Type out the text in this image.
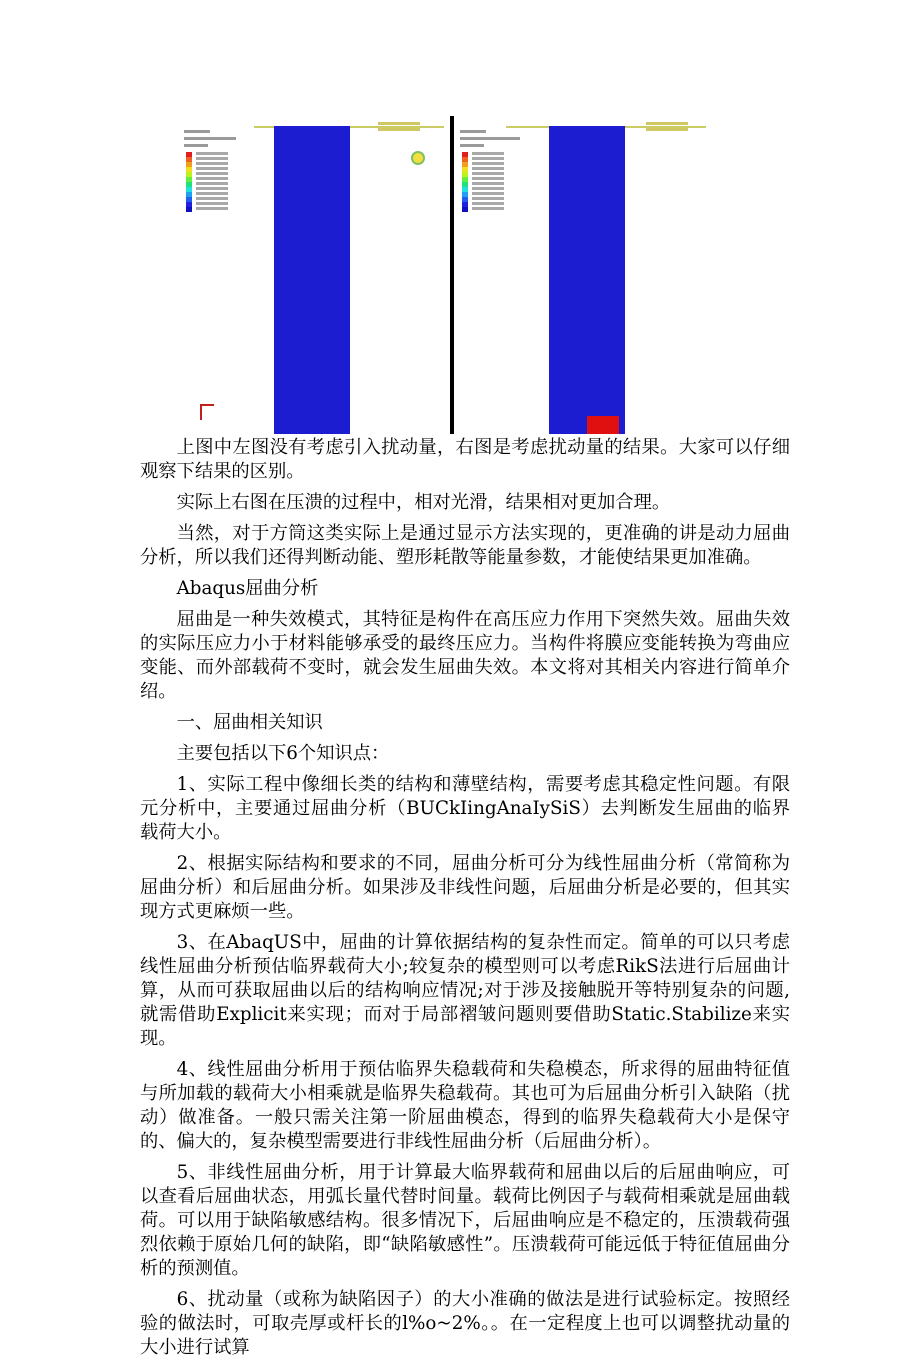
上图中左图没有考虑引入扰动量，右图是考虑扰动量的结果。大家可以仔细观察下结果的区别。

实际上右图在压溃的过程中，相对光滑，结果相对更加合理。

当然，对于方筒这类实际上是通过显示方法实现的，更准确的讲是动力屈曲分析，所以我们还得判断动能、塑形耗散等能量参数，才能使结果更加准确。

Abaqus屈曲分析

屈曲是一种失效模式，其特征是构件在高压应力作用下突然失效。屈曲失效的实际压应力小于材料能够承受的最终压应力。当构件将膜应变能转换为弯曲应变能、而外部载荷不变时，就会发生屈曲失效。本文将对其相关内容进行简单介绍。

一、屈曲相关知识

主要包括以下6个知识点：

1、实际工程中像细长类的结构和薄壁结构，需要考虑其稳定性问题。有限元分析中，主要通过屈曲分析（BUCkIingAnaIySiS）去判断发生屈曲的临界载荷大小。

2、根据实际结构和要求的不同，屈曲分析可分为线性屈曲分析（常简称为屈曲分析）和后屈曲分析。如果涉及非线性问题，后屈曲分析是必要的，但其实现方式更麻烦一些。

3、在AbaqUS中，屈曲的计算依据结构的复杂性而定。简单的可以只考虑线性屈曲分析预估临界载荷大小;较复杂的模型则可以考虑RikS法进行后屈曲计算，从而可获取屈曲以后的结构响应情况;对于涉及接触脱开等特别复杂的问题,就需借助Explicit来实现；而对于局部褶皱问题则要借助Static.Stabilize来实现。

4、线性屈曲分析用于预估临界失稳载荷和失稳模态，所求得的屈曲特征值与所加载的载荷大小相乘就是临界失稳载荷。其也可为后屈曲分析引入缺陷（扰动）做准备。一般只需关注第一阶屈曲模态，得到的临界失稳载荷大小是保守的、偏大的，复杂模型需要进行非线性屈曲分析（后屈曲分析）。

5、非线性屈曲分析，用于计算最大临界载荷和屈曲以后的后屈曲响应，可以查看后屈曲状态，用弧长量代替时间量。载荷比例因子与载荷相乘就是屈曲载荷。可以用于缺陷敏感结构。很多情况下，后屈曲响应是不稳定的，压溃载荷强烈依赖于原始几何的缺陷，即“缺陷敏感性”。压溃载荷可能远低于特征值屈曲分析的预测值。

6、扰动量（或称为缺陷因子）的大小准确的做法是进行试验标定。按照经验的做法时，可取壳厚或杆长的l%o~2%。。在一定程度上也可以调整扰动量的大小进行试算
